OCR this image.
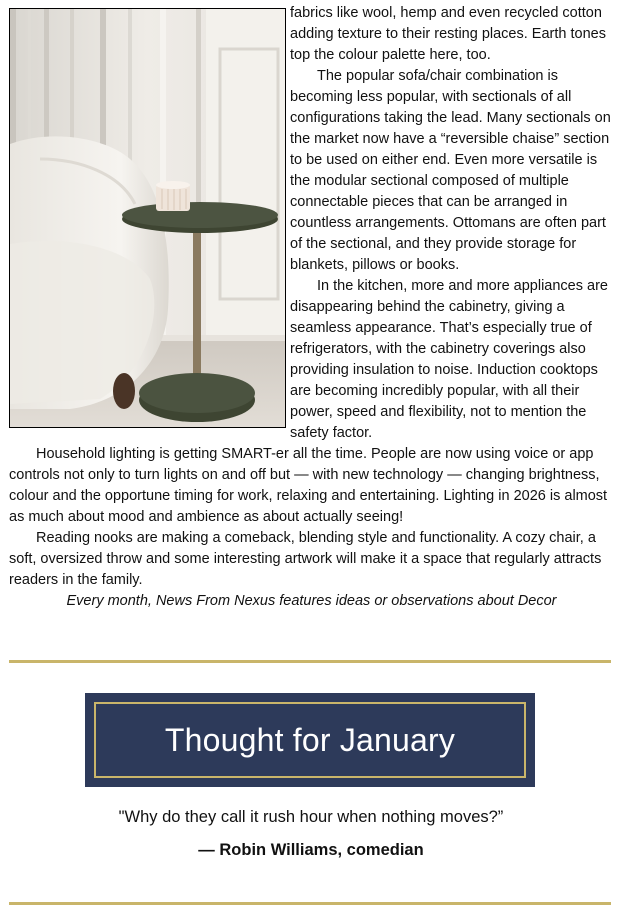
fabrics like wool, hemp and even recycled cotton adding texture to their resting places. Earth tones top the colour palette here, too.

The popular sofa/chair combination is becoming less popular, with sectionals of all configurations taking the lead. Many sectionals on the market now have a “reversible chaise” section to be used on either end. Even more versatile is the modular sectional composed of multiple connectable pieces that can be arranged in countless arrangements. Ottomans are often part of the sectional, and they provide storage for blankets, pillows or books.

In the kitchen, more and more appliances are disappearing behind the cabinetry, giving a seamless appearance. That’s especially true of refrigerators, with the cabinetry coverings also providing insulation to noise. Induction cooktops are becoming incredibly popular, with all their power, speed and flexibility, not to mention the safety factor.

Household lighting is getting SMART-er all the time. People are now using voice or app controls not only to turn lights on and off but — with new technology — changing brightness, colour and the opportune timing for work, relaxing and entertaining. Lighting in 2026 is almost as much about mood and ambience as about actually seeing!

Reading nooks are making a comeback, blending style and functionality. A cozy chair, a soft, oversized throw and some interesting artwork will make it a space that regularly attracts readers in the family.

Every month, News From Nexus features ideas or observations about Decor

Thought for January
"Why do they call it rush hour when nothing moves?”
— Robin Williams, comedian
